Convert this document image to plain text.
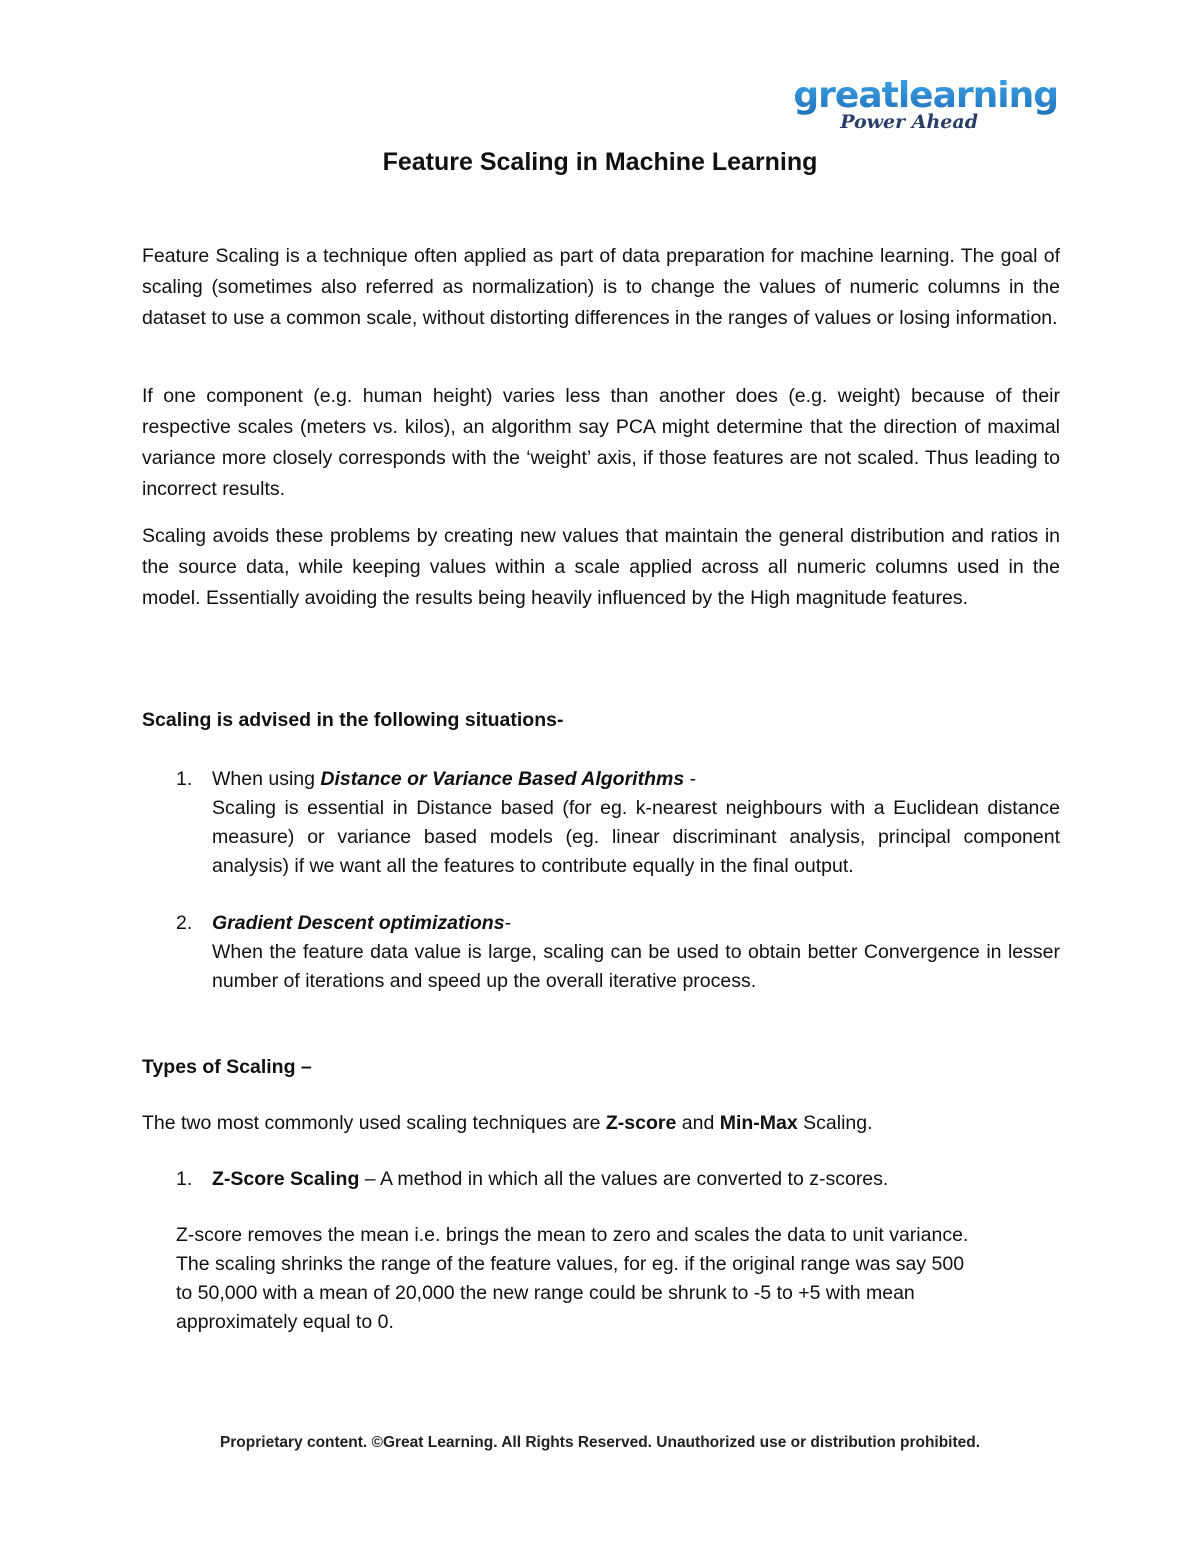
greatlearning
Power Ahead
Feature Scaling in Machine Learning

Feature Scaling is a technique often applied as part of data preparation for machine learning. The goal of scaling (sometimes also referred as normalization) is to change the values of numeric columns in the dataset to use a common scale, without distorting differences in the ranges of values or losing information.

If one component (e.g. human height) varies less than another does (e.g. weight) because of their respective scales (meters vs. kilos), an algorithm say PCA might determine that the direction of maximal variance more closely corresponds with the ‘weight’ axis, if those features are not scaled. Thus leading to incorrect results.

Scaling avoids these problems by creating new values that maintain the general distribution and ratios in the source data, while keeping values within a scale applied across all numeric columns used in the model. Essentially avoiding the results being heavily influenced by the High magnitude features.

Scaling is advised in the following situations-
1.	When using Distance or Variance Based Algorithms -
Scaling is essential in Distance based (for eg. k-nearest neighbours with a Euclidean distance measure) or variance based models (eg. linear discriminant analysis, principal component analysis) if we want all the features to contribute equally in the final output.
2.	Gradient Descent optimizations-
When the feature data value is large, scaling can be used to obtain better Convergence in lesser number of iterations and speed up the overall iterative process.
Types of Scaling –
The two most commonly used scaling techniques are Z-score and Min-Max Scaling.
1.	Z-Score Scaling – A method in which all the values are converted to z-scores.
Z-score removes the mean i.e. brings the mean to zero and scales the data to unit variance.
The scaling shrinks the range of the feature values, for eg. if the original range was say 500
to 50,000 with a mean of 20,000 the new range could be shrunk to -5 to +5 with mean
approximately equal to 0.
Proprietary content. ©Great Learning. All Rights Reserved. Unauthorized use or distribution prohibited.
